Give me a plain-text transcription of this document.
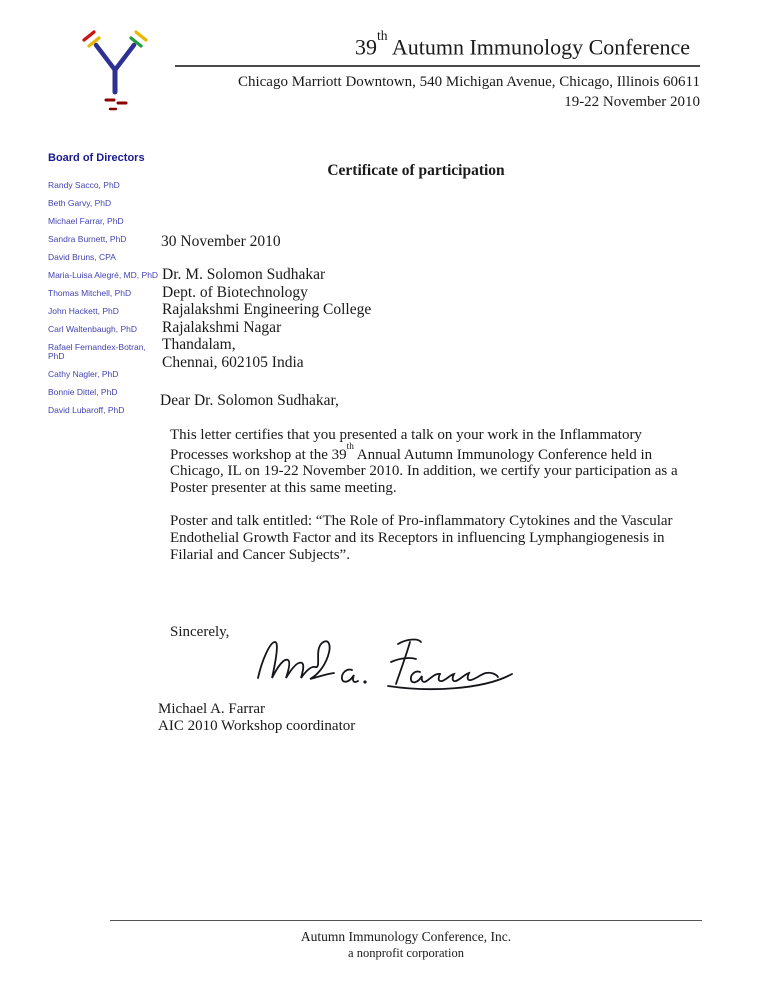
39th Autumn Immunology Conference
Chicago Marriott Downtown, 540 Michigan Avenue, Chicago, Illinois 60611
19-22 November 2010
Board of Directors
Randy Sacco, PhD
Beth Garvy, PhD
Michael Farrar, PhD
Sandra Burnett, PhD
David Bruns, CPA
Maria-Luisa Alegré, MD, PhD
Thomas Mitchell, PhD
John Hackett, PhD
Carl Waltenbaugh, PhD
Rafael Fernandex-Botran, PhD
Cathy Nagler, PhD
Bonnie Dittel, PhD
David Lubaroff, PhD
Certificate of participation
30 November 2010
Dr. M. Solomon Sudhakar
Dept. of Biotechnology
Rajalakshmi Engineering College
Rajalakshmi Nagar
Thandalam,
Chennai, 602105 India
Dear Dr. Solomon Sudhakar,
This letter certifies that you presented a talk on your work in the Inflammatory Processes workshop at the 39th Annual Autumn Immunology Conference held in Chicago, IL on 19-22 November 2010. In addition, we certify your participation as a Poster presenter at this same meeting.
Poster and talk entitled: “The Role of Pro-inflammatory Cytokines and the Vascular Endothelial Growth Factor and its Receptors in influencing Lymphangiogenesis in Filarial and Cancer Subjects”.
Sincerely,
Michael A. Farrar
AIC 2010 Workshop coordinator
Autumn Immunology Conference, Inc.
a nonprofit corporation
